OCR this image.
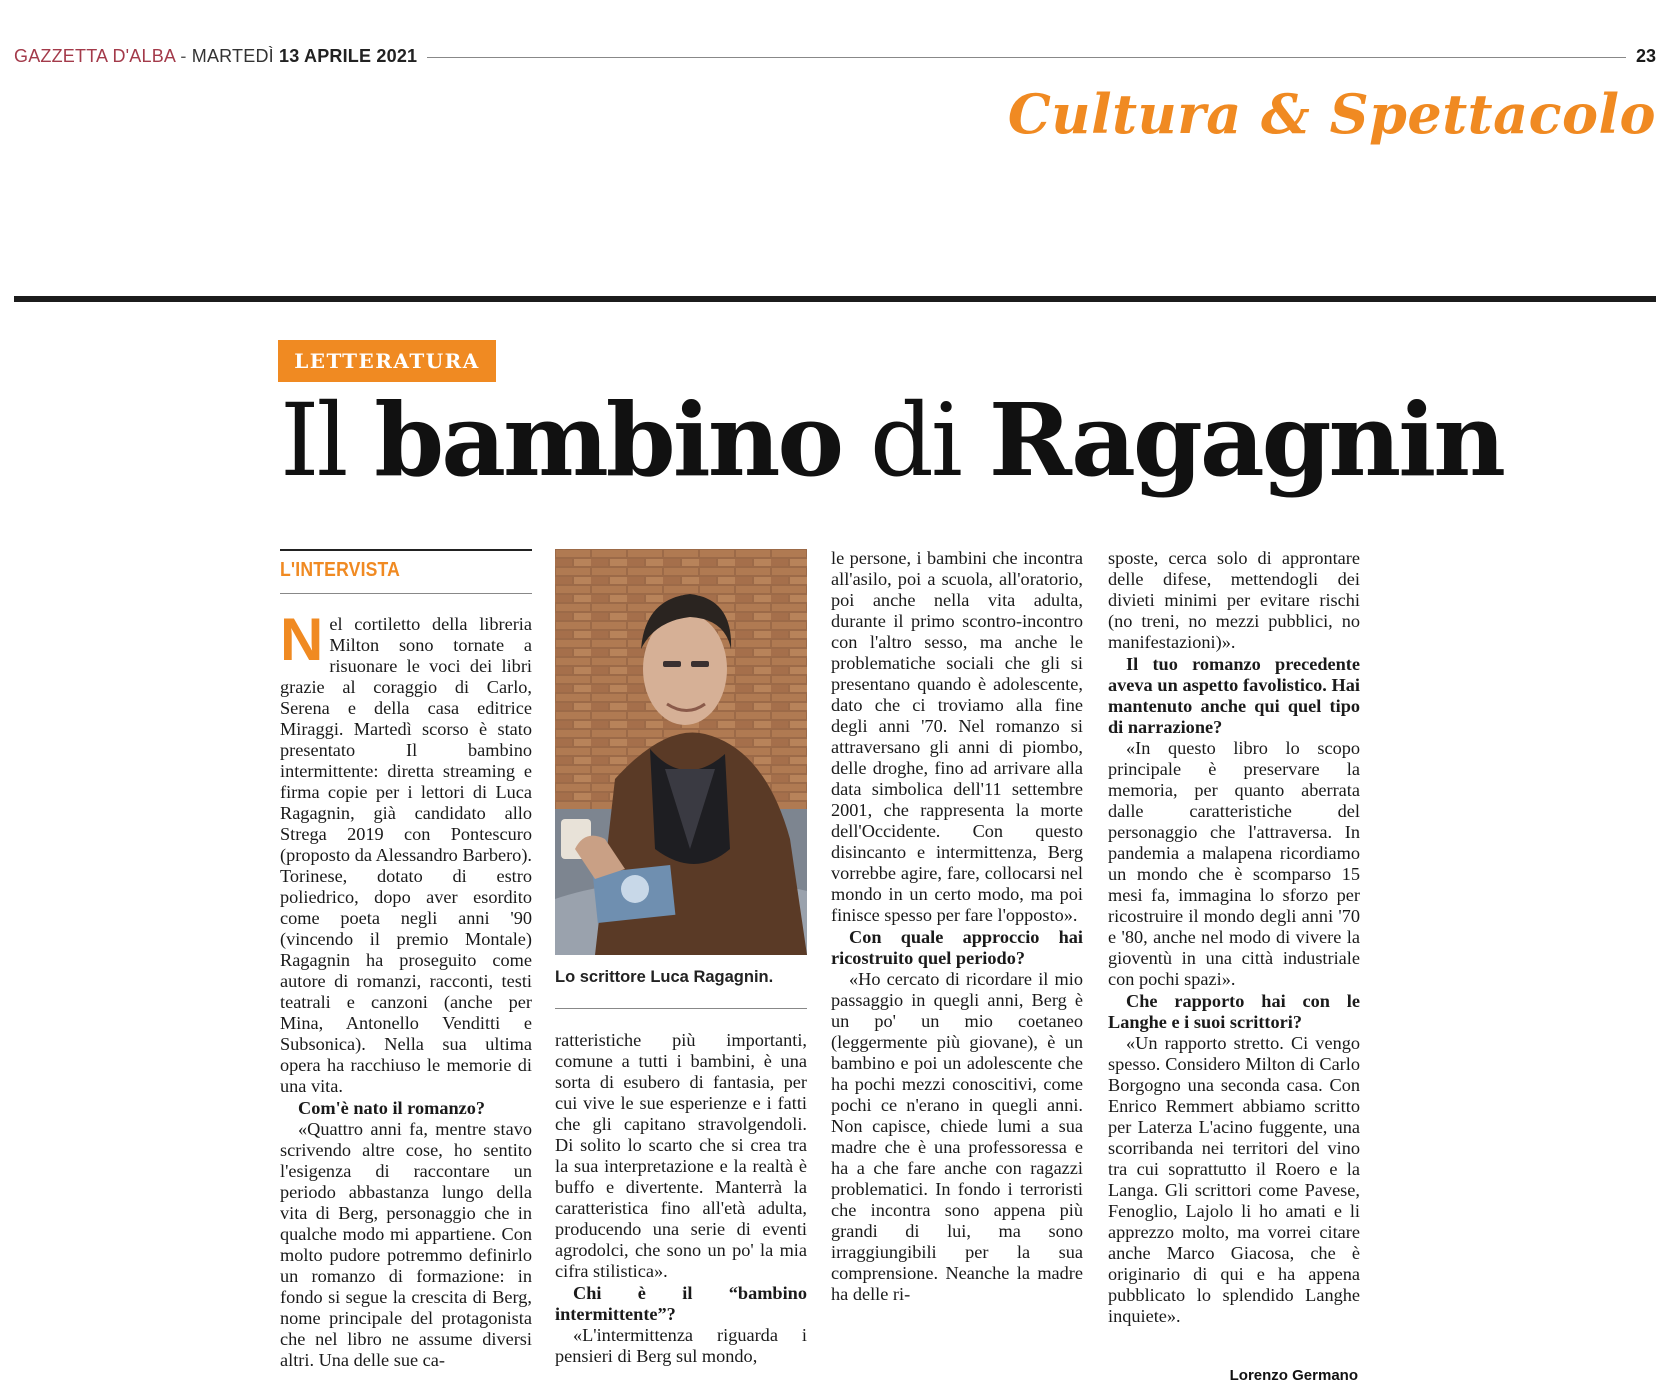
GAZZETTA D'ALBA - MARTEDÌ 13 APRILE 2021	23
Cultura & Spettacolo
LETTERATURA
Il bambino di Ragagnin
L'INTERVISTA

Nel cortiletto della libreria Milton sono tornate a risuonare le voci dei libri grazie al coraggio di Carlo, Serena e della casa editrice Miraggi. Martedì scorso è stato presentato Il bambino intermittente: diretta streaming e firma copie per i lettori di Luca Ragagnin, già candidato allo Strega 2019 con Pontescuro (proposto da Alessandro Barbero). Torinese, dotato di estro poliedrico, dopo aver esordito come poeta negli anni '90 (vincendo il premio Montale) Ragagnin ha proseguito come autore di romanzi, racconti, testi teatrali e canzoni (anche per Mina, Antonello Venditti e Subsonica). Nella sua ultima opera ha racchiuso le memorie di una vita.

Com'è nato il romanzo?

«Quattro anni fa, mentre stavo scrivendo altre cose, ho sentito l'esigenza di raccontare un periodo abbastanza lungo della vita di Berg, personaggio che in qualche modo mi appartiene. Con molto pudore potremmo definirlo un romanzo di formazione: in fondo si segue la crescita di Berg, nome principale del protagonista che nel libro ne assume diversi altri. Una delle sue ca-

Lo scrittore Luca Ragagnin.

ratteristiche più importanti, comune a tutti i bambini, è una sorta di esubero di fantasia, per cui vive le sue esperienze e i fatti che gli capitano stravolgendoli. Di solito lo scarto che si crea tra la sua interpretazione e la realtà è buffo e divertente. Manterrà la caratteristica fino all'età adulta, producendo una serie di eventi agrodolci, che sono un po' la mia cifra stilistica».

Chi è il “bambino intermittente”?

«L'intermittenza riguarda i pensieri di Berg sul mondo,

le persone, i bambini che incontra all'asilo, poi a scuola, all'oratorio, poi anche nella vita adulta, durante il primo scontro-incontro con l'altro sesso, ma anche le problematiche sociali che gli si presentano quando è adolescente, dato che ci troviamo alla fine degli anni '70. Nel romanzo si attraversano gli anni di piombo, delle droghe, fino ad arrivare alla data simbolica dell'11 settembre 2001, che rappresenta la morte dell'Occidente. Con questo disincanto e intermittenza, Berg vorrebbe agire, fare, collocarsi nel mondo in un certo modo, ma poi finisce spesso per fare l'opposto».

Con quale approccio hai ricostruito quel periodo?

«Ho cercato di ricordare il mio passaggio in quegli anni, Berg è un po' un mio coetaneo (leggermente più giovane), è un bambino e poi un adolescente che ha pochi mezzi conoscitivi, come pochi ce n'erano in quegli anni. Non capisce, chiede lumi a sua madre che è una professoressa e ha a che fare anche con ragazzi problematici. In fondo i terroristi che incontra sono appena più grandi di lui, ma sono irraggiungibili per la sua comprensione. Neanche la madre ha delle ri-

sposte, cerca solo di approntare delle difese, mettendogli dei divieti minimi per evitare rischi (no treni, no mezzi pubblici, no manifestazioni)».

Il tuo romanzo precedente aveva un aspetto favolistico. Hai mantenuto anche qui quel tipo di narrazione?

«In questo libro lo scopo principale è preservare la memoria, per quanto aberrata dalle caratteristiche del personaggio che l'attraversa. In pandemia a malapena ricordiamo un mondo che è scomparso 15 mesi fa, immagina lo sforzo per ricostruire il mondo degli anni '70 e '80, anche nel modo di vivere la gioventù in una città industriale con pochi spazi».

Che rapporto hai con le Langhe e i suoi scrittori?

«Un rapporto stretto. Ci vengo spesso. Considero Milton di Carlo Borgogno una seconda casa. Con Enrico Remmert abbiamo scritto per Laterza L'acino fuggente, una scorribanda nei territori del vino tra cui soprattutto il Roero e la Langa. Gli scrittori come Pavese, Fenoglio, Lajolo li ho amati e li apprezzo molto, ma vorrei citare anche Marco Giacosa, che è originario di qui e ha appena pubblicato lo splendido Langhe inquiete».

Lorenzo Germano
